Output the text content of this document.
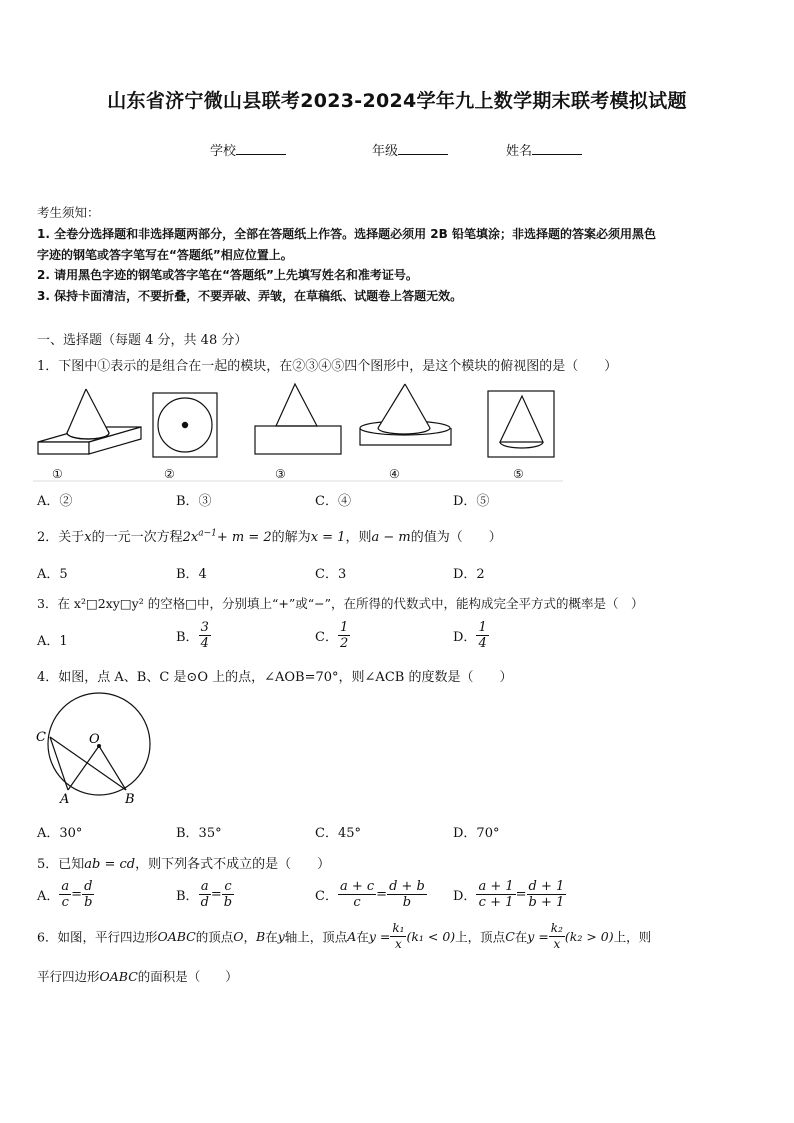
山东省济宁微山县联考2023-2024学年九上数学期末联考模拟试题
学校	年级	姓名
考生须知：
1. 全卷分选择题和非选择题两部分，全部在答题纸上作答。选择题必须用 2B 铅笔填涂；非选择题的答案必须用黑色
字迹的钢笔或答字笔写在“答题纸”相应位置上。
2. 请用黑色字迹的钢笔或答字笔在“答题纸”上先填写姓名和准考证号。
3. 保持卡面清洁，不要折叠，不要弄破、弄皱，在草稿纸、试题卷上答题无效。
一、选择题（每题 4 分，共 48 分）
1．下图中①表示的是组合在一起的模块，在②③④⑤四个图形中，是这个模块的俯视图的是（　　）
①	②	③	④	⑤
A．②	B．③	C．④	D．⑤
2．关于x的一元一次方程$2x^{a-1}+ m = 2$的解为x = 1，则a − m的值为（　　）
A．5	B．4	C．3	D．2
3．在 x²□2xy□y² 的空格□中，分别填上“+”或“−”，在所得的代数式中，能构成完全平方式的概率是（　）
A．1	B． $\frac{3}{4}$	C． $\frac{1}{2}$	D． $\frac{1}{4}$
4．如图，点 A、B、C 是⊙O 上的点，∠AOB=70°，则∠ACB 的度数是（　　）
C	O
A	B
A．30°	B．35°	C．45°	D．70°
5．已知ab = cd，则下列各式不成立的是（　　）
A． $\frac{a}{c} = \frac{d}{b}$	B． $\frac{a}{d} = \frac{c}{b}$	C． $\frac{a + c}{c} = \frac{d + b}{b}$ D． $\frac{a + 1}{c + 1} = \frac{d + 1}{b + 1}$
6．如图，平行四边形OABC的顶点O，B在y轴上，顶点A在$y = \frac{\text{k₁}}{x} (k_1 < 0)$上，顶点C在$y = \frac{\text{k₂}}{x} (k_2 > 0)$上，则
平行四边形OABC的面积是（　　）
